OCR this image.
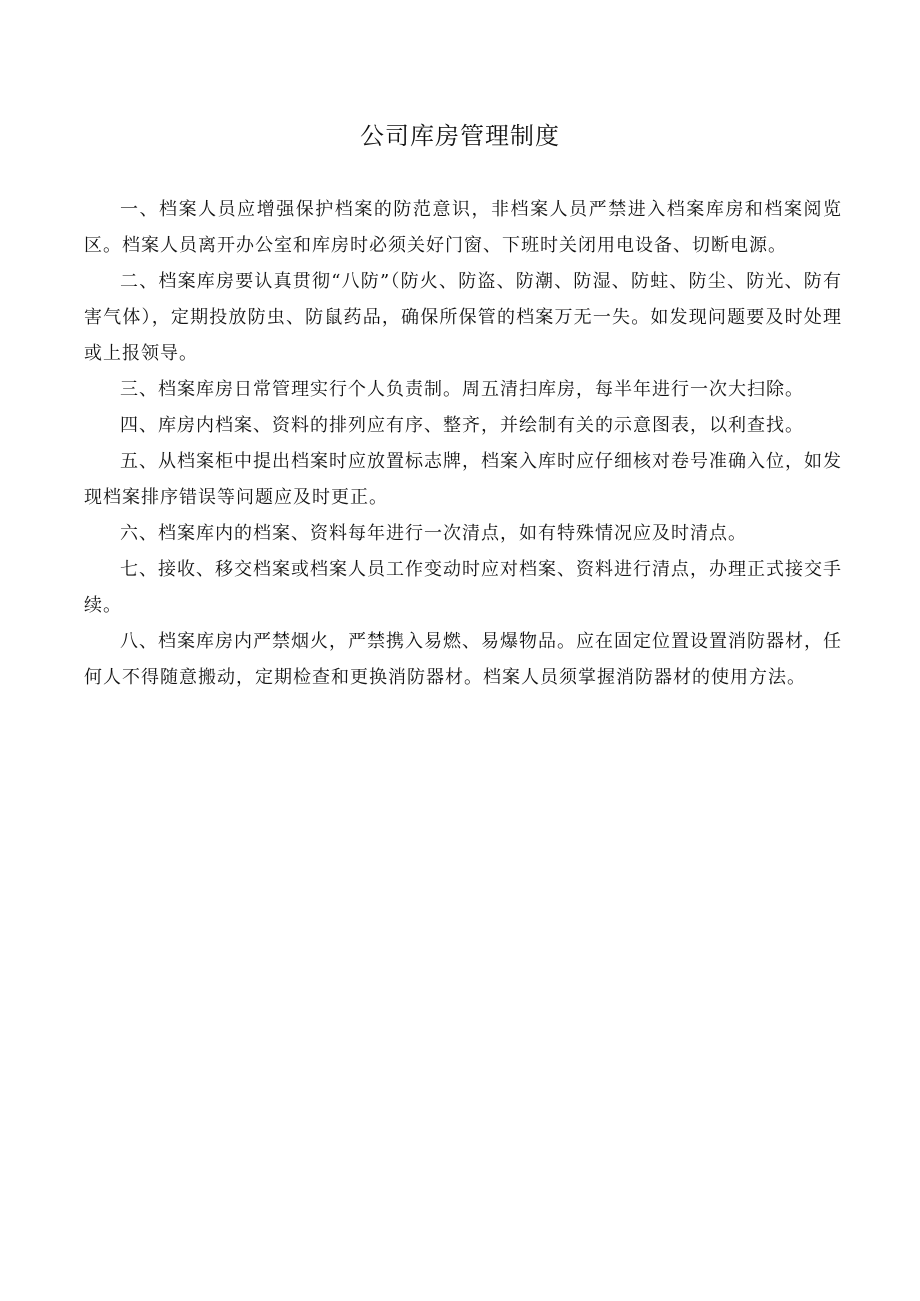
公司库房管理制度

一、档案人员应增强保护档案的防范意识，非档案人员严禁进入档案库房和档案阅览区。档案人员离开办公室和库房时必须关好门窗、下班时关闭用电设备、切断电源。

二、档案库房要认真贯彻“八防”（防火、防盗、防潮、防湿、防蛀、防尘、防光、防有害气体），定期投放防虫、防鼠药品，确保所保管的档案万无一失。如发现问题要及时处理或上报领导。

三、档案库房日常管理实行个人负责制。周五清扫库房，每半年进行一次大扫除。

四、库房内档案、资料的排列应有序、整齐，并绘制有关的示意图表，以利查找。

五、从档案柜中提出档案时应放置标志牌，档案入库时应仔细核对卷号准确入位，如发现档案排序错误等问题应及时更正。

六、档案库内的档案、资料每年进行一次清点，如有特殊情况应及时清点。

七、接收、移交档案或档案人员工作变动时应对档案、资料进行清点，办理正式接交手续。

八、档案库房内严禁烟火，严禁携入易燃、易爆物品。应在固定位置设置消防器材，任何人不得随意搬动，定期检查和更换消防器材。档案人员须掌握消防器材的使用方法。
